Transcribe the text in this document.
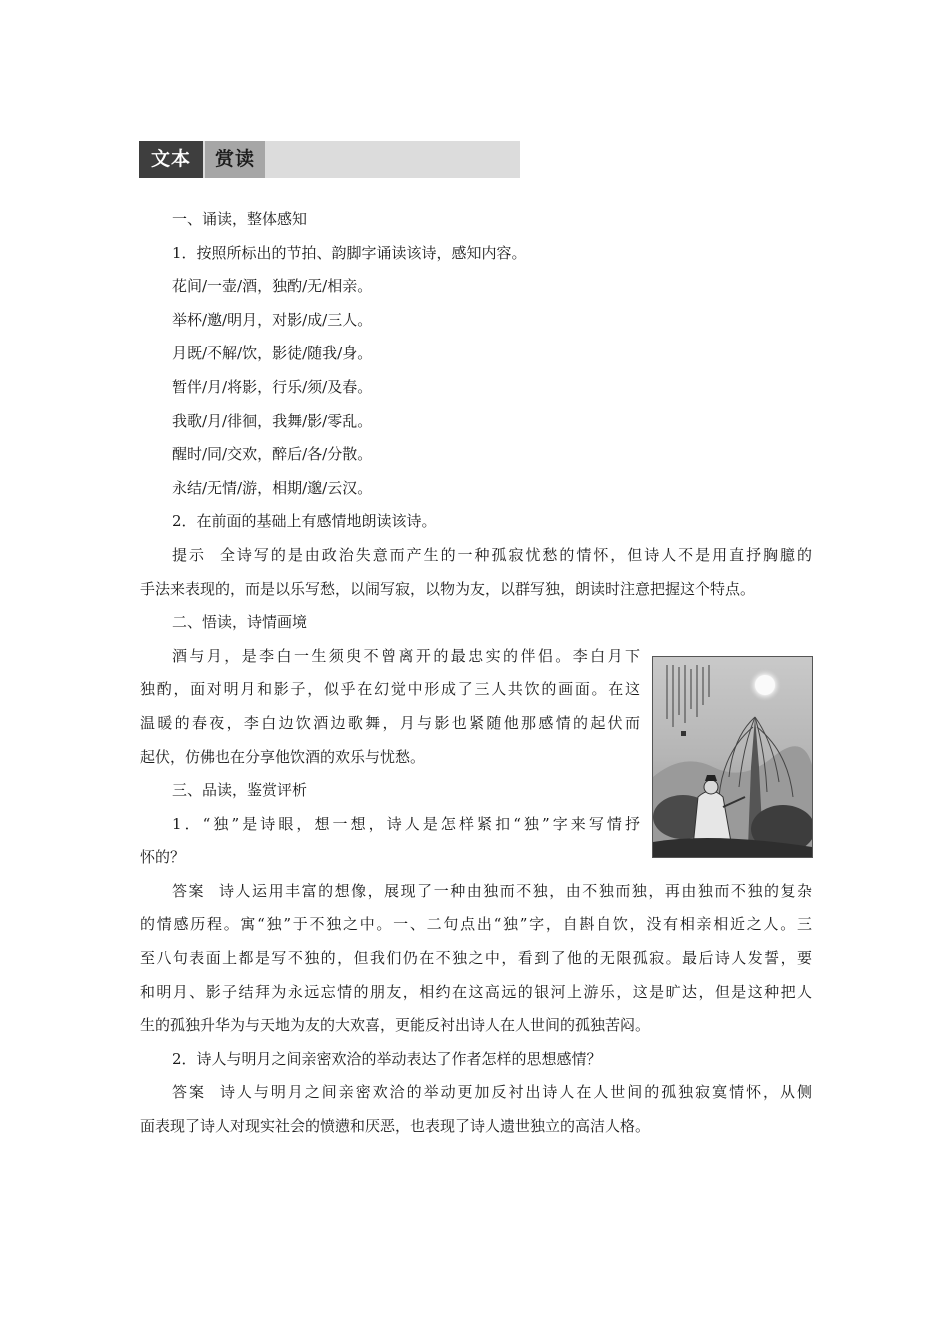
文本	赏读

一、诵读，整体感知

1．按照所标出的节拍、韵脚字诵读该诗，感知内容。

花间/一壶/酒，独酌/无/相亲。

举杯/邀/明月，对影/成/三人。

月既/不解/饮，影徒/随我/身。

暂伴/月/将影，行乐/须/及春。

我歌/月/徘徊，我舞/影/零乱。

醒时/同/交欢，醉后/各/分散。

永结/无情/游，相期/邈/云汉。

2．在前面的基础上有感情地朗读该诗。

提示 全诗写的是由政治失意而产生的一种孤寂忧愁的情怀，但诗人不是用直抒胸臆的

手法来表现的，而是以乐写愁，以闹写寂，以物为友，以群写独，朗读时注意把握这个特点。

二、悟读，诗情画境

酒与月，是李白一生须臾不曾离开的最忠实的伴侣。李白月下

独酌，面对明月和影子，似乎在幻觉中形成了三人共饮的画面。在这

温暖的春夜，李白边饮酒边歌舞，月与影也紧随他那感情的起伏而

起伏，仿佛也在分享他饮酒的欢乐与忧愁。

三、品读，鉴赏评析

1．“独”是诗眼，想一想，诗人是怎样紧扣“独”字来写情抒

怀的？

答案 诗人运用丰富的想像，展现了一种由独而不独，由不独而独，再由独而不独的复杂

的情感历程。寓“独”于不独之中。一、二句点出“独”字，自斟自饮，没有相亲相近之人。三

至八句表面上都是写不独的，但我们仍在不独之中，看到了他的无限孤寂。最后诗人发誓，要

和明月、影子结拜为永远忘情的朋友，相约在这高远的银河上游乐，这是旷达，但是这种把人

生的孤独升华为与天地为友的大欢喜，更能反衬出诗人在人世间的孤独苦闷。

2．诗人与明月之间亲密欢洽的举动表达了作者怎样的思想感情？

答案 诗人与明月之间亲密欢洽的举动更加反衬出诗人在人世间的孤独寂寞情怀，从侧

面表现了诗人对现实社会的愤懑和厌恶，也表现了诗人遗世独立的高洁人格。
